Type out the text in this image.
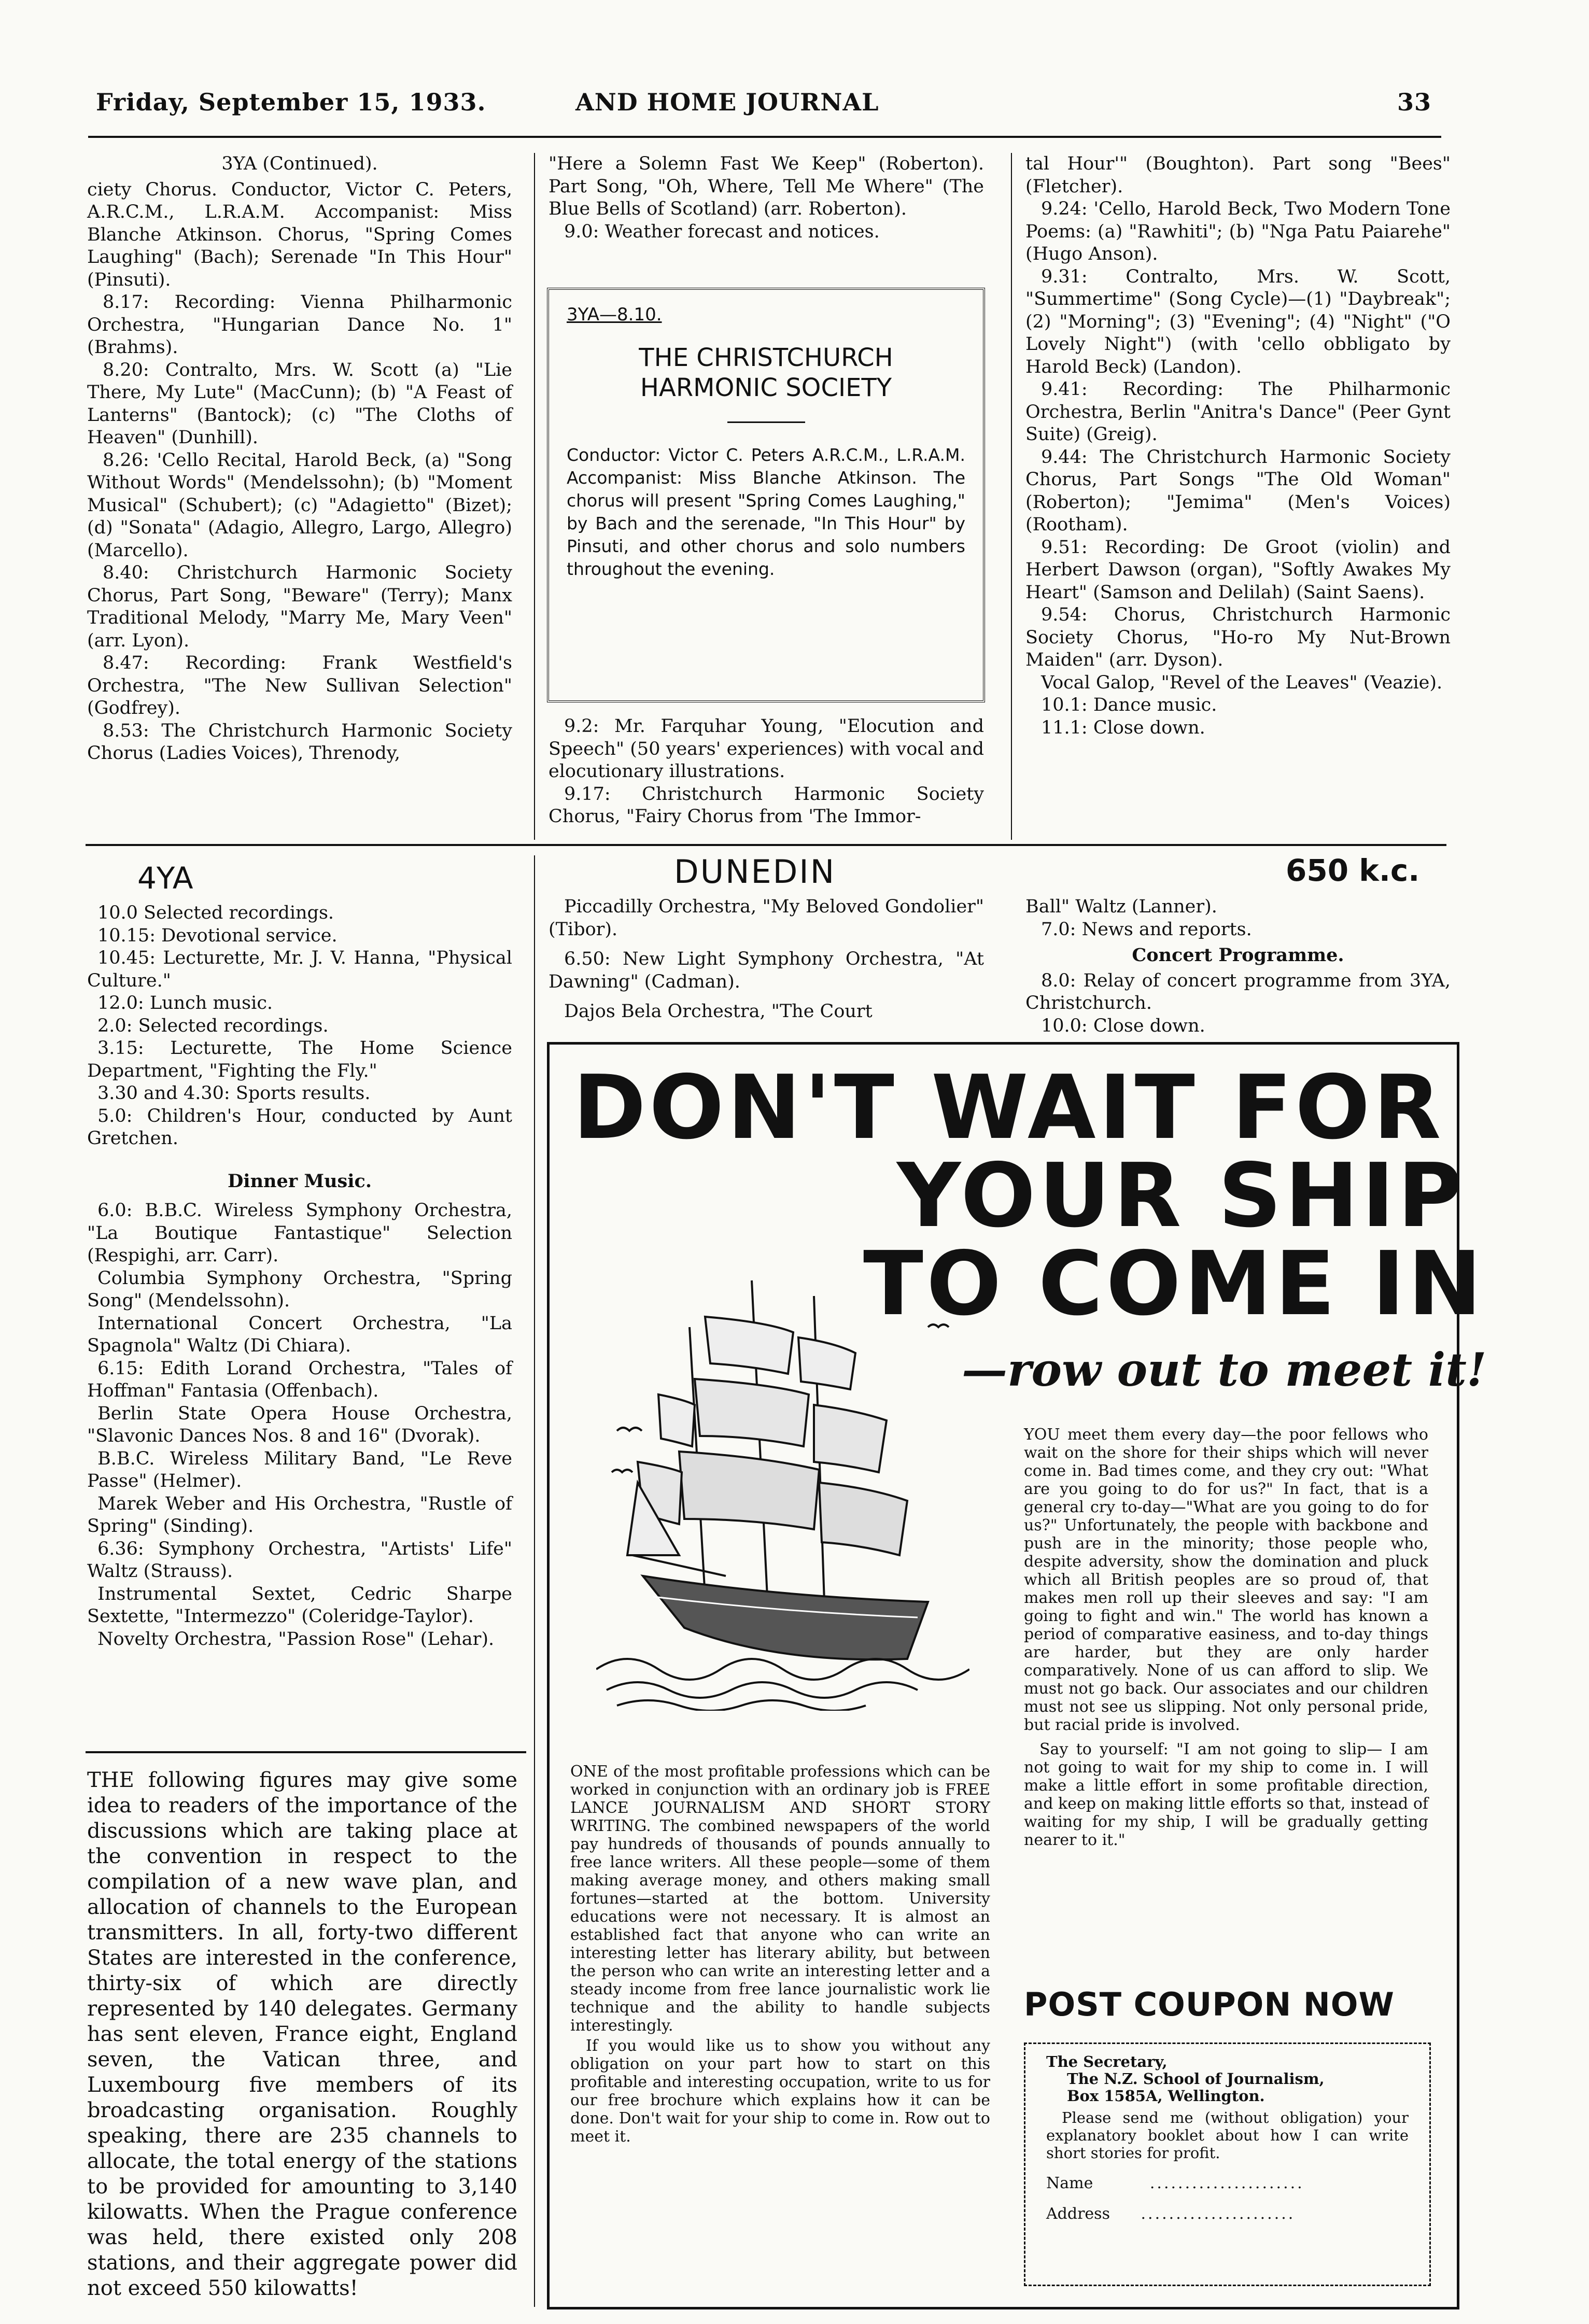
Friday, September 15, 1933.	AND HOME JOURNAL	33

3YA (Continued).

ciety Chorus. Conductor, Victor C. Peters, A.R.C.M., L.R.A.M. Accompanist: Miss Blanche Atkinson. Chorus, "Spring Comes Laughing" (Bach); Serenade "In This Hour" (Pinsuti).

8.17: Recording: Vienna Philharmonic Orchestra, "Hungarian Dance No. 1" (Brahms).

8.20: Contralto, Mrs. W. Scott (a) "Lie There, My Lute" (MacCunn); (b) "A Feast of Lanterns" (Bantock); (c) "The Cloths of Heaven" (Dunhill).

8.26: 'Cello Recital, Harold Beck, (a) "Song Without Words" (Mendelssohn); (b) "Moment Musical" (Schubert); (c) "Adagietto" (Bizet); (d) "Sonata" (Adagio, Allegro, Largo, Allegro) (Marcello).

8.40: Christchurch Harmonic Society Chorus, Part Song, "Beware" (Terry); Manx Traditional Melody, "Marry Me, Mary Veen" (arr. Lyon).

8.47: Recording: Frank Westfield's Orchestra, "The New Sullivan Selection" (Godfrey).

8.53: The Christchurch Harmonic Society Chorus (Ladies Voices), Threnody,

"Here a Solemn Fast We Keep" (Roberton). Part Song, "Oh, Where, Tell Me Where" (The Blue Bells of Scotland) (arr. Roberton).

9.0: Weather forecast and notices.

3YA—8.10.
THE CHRISTCHURCH HARMONIC SOCIETY
Conductor: Victor C. Peters A.R.C.M., L.R.A.M. Accompanist: Miss Blanche Atkinson. The chorus will present "Spring Comes Laughing," by Bach and the serenade, "In This Hour" by Pinsuti, and other chorus and solo numbers throughout the evening.

9.2: Mr. Farquhar Young, "Elocution and Speech" (50 years' experiences) with vocal and elocutionary illustrations.

9.17: Christchurch Harmonic Society Chorus, "Fairy Chorus from 'The Immor-

tal Hour'" (Boughton). Part song "Bees" (Fletcher).

9.24: 'Cello, Harold Beck, Two Modern Tone Poems: (a) "Rawhiti"; (b) "Nga Patu Paiarehe" (Hugo Anson).

9.31: Contralto, Mrs. W. Scott, "Summertime" (Song Cycle)—(1) "Daybreak"; (2) "Morning"; (3) "Evening"; (4) "Night" ("O Lovely Night") (with 'cello obbligato by Harold Beck) (Landon).

9.41: Recording: The Philharmonic Orchestra, Berlin "Anitra's Dance" (Peer Gynt Suite) (Greig).

9.44: The Christchurch Harmonic Society Chorus, Part Songs "The Old Woman" (Roberton); "Jemima" (Men's Voices) (Rootham).

9.51: Recording: De Groot (violin) and Herbert Dawson (organ), "Softly Awakes My Heart" (Samson and Delilah) (Saint Saens).

9.54: Chorus, Christchurch Harmonic Society Chorus, "Ho-ro My Nut-Brown Maiden" (arr. Dyson).

Vocal Galop, "Revel of the Leaves" (Veazie).

10.1: Dance music.

11.1: Close down.

4YA	DUNEDIN	650 k.c.

10.0 Selected recordings.

10.15: Devotional service.

10.45: Lecturette, Mr. J. V. Hanna, "Physical Culture."

12.0: Lunch music.

2.0: Selected recordings.

3.15: Lecturette, The Home Science Department, "Fighting the Fly."

3.30 and 4.30: Sports results.

5.0: Children's Hour, conducted by Aunt Gretchen.

Dinner Music.

6.0: B.B.C. Wireless Symphony Orchestra, "La Boutique Fantastique" Selection (Respighi, arr. Carr).

Columbia Symphony Orchestra, "Spring Song" (Mendelssohn).

International Concert Orchestra, "La Spagnola" Waltz (Di Chiara).

6.15: Edith Lorand Orchestra, "Tales of Hoffman" Fantasia (Offenbach).

Berlin State Opera House Orchestra, "Slavonic Dances Nos. 8 and 16" (Dvorak).

B.B.C. Wireless Military Band, "Le Reve Passe" (Helmer).

Marek Weber and His Orchestra, "Rustle of Spring" (Sinding).

6.36: Symphony Orchestra, "Artists' Life" Waltz (Strauss).

Instrumental Sextet, Cedric Sharpe Sextette, "Intermezzo" (Coleridge-Taylor).

Novelty Orchestra, "Passion Rose" (Lehar).

THE following figures may give some idea to readers of the importance of the discussions which are taking place at the convention in respect to the compilation of a new wave plan, and allocation of channels to the European transmitters. In all, forty-two different States are interested in the conference, thirty-six of which are directly represented by 140 delegates. Germany has sent eleven, France eight, England seven, the Vatican three, and Luxembourg five members of its broadcasting organisation. Roughly speaking, there are 235 channels to allocate, the total energy of the stations to be provided for amounting to 3,140 kilowatts. When the Prague conference was held, there existed only 208 stations, and their aggregate power did not exceed 550 kilowatts!

Piccadilly Orchestra, "My Beloved Gondolier" (Tibor).

6.50: New Light Symphony Orchestra, "At Dawning" (Cadman).

Dajos Bela Orchestra, "The Court

Ball" Waltz (Lanner).

7.0: News and reports.

Concert Programme.

8.0: Relay of concert programme from 3YA, Christchurch.

10.0: Close down.

DON'T WAIT FOR
YOUR SHIP
TO COME IN
—row out to meet it!

YOU meet them every day—the poor fellows who wait on the shore for their ships which will never come in. Bad times come, and they cry out: "What are you going to do for us?" In fact, that is a general cry to-day—"What are you going to do for us?" Unfortunately, the people with backbone and push are in the minority; those people who, despite adversity, show the domination and pluck which all British peoples are so proud of, that makes men roll up their sleeves and say: "I am going to fight and win." The world has known a period of comparative easiness, and to-day things are harder, but they are only harder comparatively. None of us can afford to slip. We must not go back. Our associates and our children must not see us slipping. Not only personal pride, but racial pride is involved.

Say to yourself: "I am not going to slip— I am not going to wait for my ship to come in. I will make a little effort in some profitable direction, and keep on making little efforts so that, instead of waiting for my ship, I will be gradually getting nearer to it."

ONE of the most profitable professions which can be worked in conjunction with an ordinary job is FREE LANCE JOURNALISM AND SHORT STORY WRITING. The combined newspapers of the world pay hundreds of thousands of pounds annually to free lance writers. All these people—some of them making average money, and others making small fortunes—started at the bottom. University educations were not necessary. It is almost an established fact that anyone who can write an interesting letter has literary ability, but between the person who can write an interesting letter and a steady income from free lance journalistic work lie technique and the ability to handle subjects interestingly.

If you would like us to show you without any obligation on your part how to start on this profitable and interesting occupation, write to us for our free brochure which explains how it can be done. Don't wait for your ship to come in. Row out to meet it.

POST COUPON NOW
The Secretary,
The N.Z. School of Journalism,
Box 1585A, Wellington.
Please send me (without obligation) your explanatory booklet about how I can write short stories for profit.
Name	......................
Address ......................
